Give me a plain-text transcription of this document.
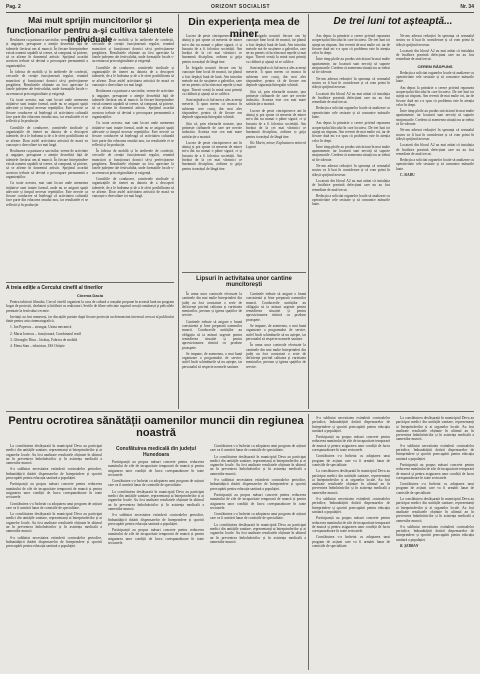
Pag. 2	ORIZONT SOCIALIST	Nr. 34
Mai mult sprijin muncitorilor și funcționarilor pentru a-și cultiva talentele individuale

Realizarea cu pasiune a sarcinilor, vreme de activitate și angajare, presupune o atenție deosebită față de talentele fiecărui om al muncii. În fiecare întreprindere există oameni capabili să creeze, să compună, să picteze, să se afirme în domeniul artistic. Sprijinul acordat acestora trebuie să devină o preocupare permanentă a organizațiilor.

În fabrica de mobilă și în atelierele de confecții, cercurile de creație funcționează regulat, reunind muncitori și funcționari dornici să-și perfecționeze pregătirea. Rezultatele obținute au fost apreciate la fazele județene ale festivalului, unde formațiile locale s-au remarcat prin originalitate și exigență.

Cu toate acestea, mai sunt locuri unde asemenea inițiative sunt tratate formal, unde nu se asigură spații adecvate și timpul necesar repetițiilor. Este nevoie ca fiecare conducere să înțeleagă că activitatea culturală face parte din educarea omului nou, iar rezultatele ei se reflectă și în producție.

Consiliile de conducere, comitetele sindicale și organizațiile de tineret au datoria de a descoperi talentele, de a le îndruma și de a le oferi posibilitatea să se afirme. Doar astfel activitatea artistică de masă va cunoaște o dezvoltare tot mai largă.

Realizarea cu pasiune a sarcinilor, vreme de activitate și angajare, presupune o atenție deosebită față de talentele fiecărui om al muncii. În fiecare întreprindere există oameni capabili să creeze, să compună, să picteze, să se afirme în domeniul artistic. Sprijinul acordat acestora trebuie să devină o preocupare permanentă a organizațiilor.

Cu toate acestea, mai sunt locuri unde asemenea inițiative sunt tratate formal, unde nu se asigură spații adecvate și timpul necesar repetițiilor. Este nevoie ca fiecare conducere să înțeleagă că activitatea culturală face parte din educarea omului nou, iar rezultatele ei se reflectă și în producție.

În fabrica de mobilă și în atelierele de confecții, cercurile de creație funcționează regulat, reunind muncitori și funcționari dornici să-și perfecționeze pregătirea. Rezultatele obținute au fost apreciate la fazele județene ale festivalului, unde formațiile locale s-au remarcat prin originalitate și exigență.

Consiliile de conducere, comitetele sindicale și organizațiile de tineret au datoria de a descoperi talentele, de a le îndruma și de a le oferi posibilitatea să se afirme. Doar astfel activitatea artistică de masă va cunoaște o dezvoltare tot mai largă.

Realizarea cu pasiune a sarcinilor, vreme de activitate și angajare, presupune o atenție deosebită față de talentele fiecărui om al muncii. În fiecare întreprindere există oameni capabili să creeze, să compună, să picteze, să se afirme în domeniul artistic. Sprijinul acordat acestora trebuie să devină o preocupare permanentă a organizațiilor.

Cu toate acestea, mai sunt locuri unde asemenea inițiative sunt tratate formal, unde nu se asigură spații adecvate și timpul necesar repetițiilor. Este nevoie ca fiecare conducere să înțeleagă că activitatea culturală face parte din educarea omului nou, iar rezultatele ei se reflectă și în producție.

În fabrica de mobilă și în atelierele de confecții, cercurile de creație funcționează regulat, reunind muncitori și funcționari dornici să-și perfecționeze pregătirea. Rezultatele obținute au fost apreciate la fazele județene ale festivalului, unde formațiile locale s-au remarcat prin originalitate și exigență.

Consiliile de conducere, comitetele sindicale și organizațiile de tineret au datoria de a descoperi talentele, de a le îndruma și de a le oferi posibilitatea să se afirme. Doar astfel activitatea artistică de masă va cunoaște o dezvoltare tot mai largă.

A treia ediție a Cercului cinefil al tinerilor
Cinema Dacia

Pentru iubitorii filmului, Cercul cinefil organizat la casa de cultură a orașului propune în această lună un program bogat de proiecții, dezbateri și întâlniri cu realizatori. Seriile de filme selectate cuprind creații românești și peliculele premiate la festivaluri recente.

Invitații au fost numeroși, iar discuțiile purtate după fiecare proiecție au demonstrat interesul crescut al publicului tânăr pentru arta cinematografică.

1. Ion Popescu – strungar, Uzina mecanică

2. Maria Ionescu – funcționară, Combinatul textil

3. Gheorghe Dinu – lăcătuș, Fabrica de mobilă

4. Elena Stan – tehnician, IAS Orăștie

Din experiența mea de miner

Lucrez de peste cincisprezece ani în abataj și pot spune că meseria de miner mi-a dat nu numai o pâine sigură, ci și bucuria de a fi folositor societății. Am învățat de la cei mai vârstnici ce înseamnă disciplina, ordinea și grija pentru tovarășul de lângă tine.

În brigada noastră fiecare om își cunoaște bine locul de muncă, iar planul a fost depășit lună de lună. Am introdus metode noi de susținere a galeriilor, care ne-au permis să lucrăm mai repede și mai sigur. Tinerii veniți la mină sunt primiți cu căldură și ajutați să se califice.

Sunt mândru că fiul meu a ales aceeași meserie. Îi spun mereu că munca în subteran cere curaj, dar mai ales răspundere, pentru că de fiecare om depinde siguranța întregului schimb.

Știu că, prin eforturile noastre, țara primește cărbunele de care are nevoie industria. Aceasta este cea mai mare satisfacție a noastră.

Lucrez de peste cincisprezece ani în abataj și pot spune că meseria de miner mi-a dat nu numai o pâine sigură, ci și bucuria de a fi folositor societății. Am învățat de la cei mai vârstnici ce înseamnă disciplina, ordinea și grija pentru tovarășul de lângă tine.

În brigada noastră fiecare om își cunoaște bine locul de muncă, iar planul a fost depășit lună de lună. Am introdus metode noi de susținere a galeriilor, care ne-au permis să lucrăm mai repede și mai sigur. Tinerii veniți la mină sunt primiți cu căldură și ajutați să se califice.

Sunt mândru că fiul meu a ales aceeași meserie. Îi spun mereu că munca în subteran cere curaj, dar mai ales răspundere, pentru că de fiecare om depinde siguranța întregului schimb.

Știu că, prin eforturile noastre, țara primește cărbunele de care are nevoie industria. Aceasta este cea mai mare satisfacție a noastră.

Lucrez de peste cincisprezece ani în abataj și pot spune că meseria de miner mi-a dat nu numai o pâine sigură, ci și bucuria de a fi folositor societății. Am învățat de la cei mai vârstnici ce înseamnă disciplina, ordinea și grija pentru tovarășul de lângă tine.

Ilie Marin, miner, Exploatarea minieră Lupeni

Lipsuri în activitatea unor cantine muncitorești

În urma unor controale efectuate la cantinele din mai multe întreprinderi din județ au fost constatate o serie de deficiențe privind calitatea și varietatea meniurilor, precum și igiena spațiilor de servire.

Cantinele trebuie să asigure o hrană consistentă și bine preparată oamenilor muncii. Conducerile unităților au obligația să ia măsuri urgente pentru remedierea situației și pentru aprovizionarea ritmică cu produse proaspete.

Se impune, de asemenea, o mai bună organizare a programului de servire, astfel încât schimburile să nu aștepte, iar personalul să respecte normele sanitare.

Cantinele trebuie să asigure o hrană consistentă și bine preparată oamenilor muncii. Conducerile unităților au obligația să ia măsuri urgente pentru remedierea situației și pentru aprovizionarea ritmică cu produse proaspete.

Se impune, de asemenea, o mai bună organizare a programului de servire, astfel încât schimburile să nu aștepte, iar personalul să respecte normele sanitare.

În urma unor controale efectuate la cantinele din mai multe întreprinderi din județ au fost constatate o serie de deficiențe privind calitatea și varietatea meniurilor, precum și igiena spațiilor de servire.

De trei luni tot așteaptă...

Am depus la primărie o cerere privind repararea acoperișului blocului în care locuiesc. De trei luni tot aștept un răspuns. Am revenit de mai multe ori, iar de fiecare dată mi s-a spus că problema este în atenția celor în drept.

Între timp ploile au produs stricăciuni în mai multe apartamente, iar locatarii sunt nevoiți să suporte neajunsurile. Credem că asemenea situații nu ar trebui să fie tolerate.

Ne-am adresat redacției în speranța că semnalul nostru va fi luat în considerare și că vom primi în sfârșit sprijinul necesar.

Locatarii din blocul A2 au mai arătat că instalația de încălzire prezintă defecțiuni care nu au fost remediate de anul trecut.

Redacția a solicitat organelor locale să analizeze cu operativitate cele sesizate și să comunice măsurile luate.

Am depus la primărie o cerere privind repararea acoperișului blocului în care locuiesc. De trei luni tot aștept un răspuns. Am revenit de mai multe ori, iar de fiecare dată mi s-a spus că problema este în atenția celor în drept.

Între timp ploile au produs stricăciuni în mai multe apartamente, iar locatarii sunt nevoiți să suporte neajunsurile. Credem că asemenea situații nu ar trebui să fie tolerate.

Ne-am adresat redacției în speranța că semnalul nostru va fi luat în considerare și că vom primi în sfârșit sprijinul necesar.

Locatarii din blocul A2 au mai arătat că instalația de încălzire prezintă defecțiuni care nu au fost remediate de anul trecut.

Redacția a solicitat organelor locale să analizeze cu operativitate cele sesizate și să comunice măsurile luate.

Ne-am adresat redacției în speranța că semnalul nostru va fi luat în considerare și că vom primi în sfârșit sprijinul necesar.

Locatarii din blocul A2 au mai arătat că instalația de încălzire prezintă defecțiuni care nu au fost remediate de anul trecut.

CEREM RĂSPUNS

Redacția a solicitat organelor locale să analizeze cu operativitate cele sesizate și să comunice măsurile luate.

Am depus la primărie o cerere privind repararea acoperișului blocului în care locuiesc. De trei luni tot aștept un răspuns. Am revenit de mai multe ori, iar de fiecare dată mi s-a spus că problema este în atenția celor în drept.

Între timp ploile au produs stricăciuni în mai multe apartamente, iar locatarii sunt nevoiți să suporte neajunsurile. Credem că asemenea situații nu ar trebui să fie tolerate.

Ne-am adresat redacției în speranța că semnalul nostru va fi luat în considerare și că vom primi în sfârșit sprijinul necesar.

Locatarii din blocul A2 au mai arătat că instalația de încălzire prezintă defecțiuni care nu au fost remediate de anul trecut.

Redacția a solicitat organelor locale să analizeze cu operativitate cele sesizate și să comunice măsurile luate.

C. RADU

Pentru ocrotirea sănătății oamenilor muncii din regiunea noastră

La consfătuirea desfășurată în municipiul Deva au participat medici din unitățile sanitare, reprezentanți ai întreprinderilor și ai organelor locale. Au fost analizate rezultatele obținute în ultimul an în prevenirea îmbolnăvirilor și în asistența medicală a oamenilor muncii.

S-a subliniat necesitatea extinderii controalelor periodice, îmbunătățirii dotării dispensarelor de întreprindere și sporirii preocupării pentru educația sanitară a populației.

Participanții au propus măsuri concrete pentru reducerea numărului de zile de incapacitate temporară de muncă și pentru asigurarea unor condiții de lucru corespunzătoare în toate sectoarele.

Consfătuirea s-a încheiat cu adoptarea unui program de acțiuni care va fi urmărit lunar de comisiile de specialitate.

La consfătuirea desfășurată în municipiul Deva au participat medici din unitățile sanitare, reprezentanți ai întreprinderilor și ai organelor locale. Au fost analizate rezultatele obținute în ultimul an în prevenirea îmbolnăvirilor și în asistența medicală a oamenilor muncii.

S-a subliniat necesitatea extinderii controalelor periodice, îmbunătățirii dotării dispensarelor de întreprindere și sporirii preocupării pentru educația sanitară a populației.

Consfătuirea medicală din județul Hunedoara

Participanții au propus măsuri concrete pentru reducerea numărului de zile de incapacitate temporară de muncă și pentru asigurarea unor condiții de lucru corespunzătoare în toate sectoarele.

Consfătuirea s-a încheiat cu adoptarea unui program de acțiuni care va fi urmărit lunar de comisiile de specialitate.

La consfătuirea desfășurată în municipiul Deva au participat medici din unitățile sanitare, reprezentanți ai întreprinderilor și ai organelor locale. Au fost analizate rezultatele obținute în ultimul an în prevenirea îmbolnăvirilor și în asistența medicală a oamenilor muncii.

S-a subliniat necesitatea extinderii controalelor periodice, îmbunătățirii dotării dispensarelor de întreprindere și sporirii preocupării pentru educația sanitară a populației.

Participanții au propus măsuri concrete pentru reducerea numărului de zile de incapacitate temporară de muncă și pentru asigurarea unor condiții de lucru corespunzătoare în toate sectoarele.

Consfătuirea s-a încheiat cu adoptarea unui program de acțiuni care va fi urmărit lunar de comisiile de specialitate.

La consfătuirea desfășurată în municipiul Deva au participat medici din unitățile sanitare, reprezentanți ai întreprinderilor și ai organelor locale. Au fost analizate rezultatele obținute în ultimul an în prevenirea îmbolnăvirilor și în asistența medicală a oamenilor muncii.

S-a subliniat necesitatea extinderii controalelor periodice, îmbunătățirii dotării dispensarelor de întreprindere și sporirii preocupării pentru educația sanitară a populației.

Participanții au propus măsuri concrete pentru reducerea numărului de zile de incapacitate temporară de muncă și pentru asigurarea unor condiții de lucru corespunzătoare în toate sectoarele.

Consfătuirea s-a încheiat cu adoptarea unui program de acțiuni care va fi urmărit lunar de comisiile de specialitate.

La consfătuirea desfășurată în municipiul Deva au participat medici din unitățile sanitare, reprezentanți ai întreprinderilor și ai organelor locale. Au fost analizate rezultatele obținute în ultimul an în prevenirea îmbolnăvirilor și în asistența medicală a oamenilor muncii.

S-a subliniat necesitatea extinderii controalelor periodice, îmbunătățirii dotării dispensarelor de întreprindere și sporirii preocupării pentru educația sanitară a populației.

Participanții au propus măsuri concrete pentru reducerea numărului de zile de incapacitate temporară de muncă și pentru asigurarea unor condiții de lucru corespunzătoare în toate sectoarele.

Consfătuirea s-a încheiat cu adoptarea unui program de acțiuni care va fi urmărit lunar de comisiile de specialitate.

La consfătuirea desfășurată în municipiul Deva au participat medici din unitățile sanitare, reprezentanți ai întreprinderilor și ai organelor locale. Au fost analizate rezultatele obținute în ultimul an în prevenirea îmbolnăvirilor și în asistența medicală a oamenilor muncii.

S-a subliniat necesitatea extinderii controalelor periodice, îmbunătățirii dotării dispensarelor de întreprindere și sporirii preocupării pentru educația sanitară a populației.

Participanții au propus măsuri concrete pentru reducerea numărului de zile de incapacitate temporară de muncă și pentru asigurarea unor condiții de lucru corespunzătoare în toate sectoarele.

Consfătuirea s-a încheiat cu adoptarea unui program de acțiuni care va fi urmărit lunar de comisiile de specialitate.

La consfătuirea desfășurată în municipiul Deva au participat medici din unitățile sanitare, reprezentanți ai întreprinderilor și ai organelor locale. Au fost analizate rezultatele obținute în ultimul an în prevenirea îmbolnăvirilor și în asistența medicală a oamenilor muncii.

S-a subliniat necesitatea extinderii controalelor periodice, îmbunătățirii dotării dispensarelor de întreprindere și sporirii preocupării pentru educația sanitară a populației.

Participanții au propus măsuri concrete pentru reducerea numărului de zile de incapacitate temporară de muncă și pentru asigurarea unor condiții de lucru corespunzătoare în toate sectoarele.

Consfătuirea s-a încheiat cu adoptarea unui program de acțiuni care va fi urmărit lunar de comisiile de specialitate.

La consfătuirea desfășurată în municipiul Deva au participat medici din unitățile sanitare, reprezentanți ai întreprinderilor și ai organelor locale. Au fost analizate rezultatele obținute în ultimul an în prevenirea îmbolnăvirilor și în asistența medicală a oamenilor muncii.

S-a subliniat necesitatea extinderii controalelor periodice, îmbunătățirii dotării dispensarelor de întreprindere și sporirii preocupării pentru educația sanitară a populației.

R. ȘERBAN
